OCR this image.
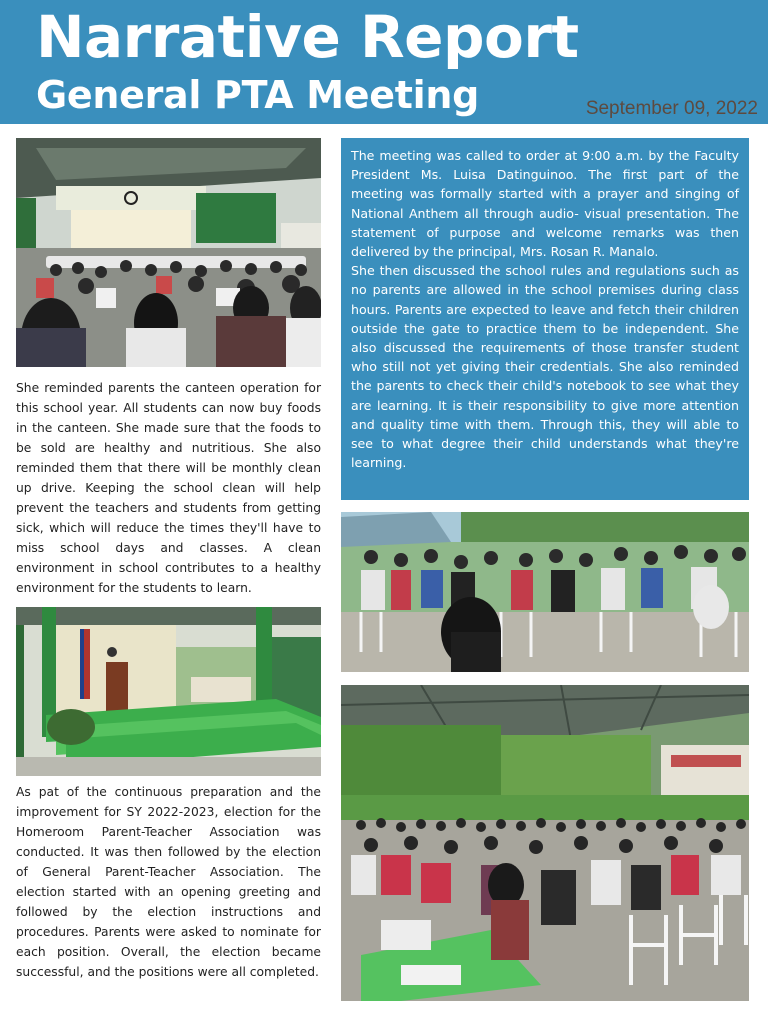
Narrative Report
General PTA Meeting	September 09, 2022

She reminded parents the canteen operation for this school year. All students can now buy foods in the canteen. She made sure that the foods to be sold are healthy and nutritious. She also reminded them that there will be monthly clean up drive. Keeping the school clean will help prevent the teachers and students from getting sick, which will reduce the times they'll have to miss school days and classes. A clean environment in school contributes to a healthy environment for the students to learn.

As pat of the continuous preparation and the improvement for SY 2022-2023, election for the Homeroom Parent-Teacher Association was conducted. It was then followed by the election of General Parent-Teacher Association. The election started with an opening greeting and followed by the election instructions and procedures. Parents were asked to nominate for each position. Overall, the election became successful, and the positions were all completed.

The meeting was called to order at 9:00 a.m. by the Faculty President Ms. Luisa Datinguinoo. The first part of the meeting was formally started with a prayer and singing of National Anthem all through audio- visual presentation. The statement of purpose and welcome remarks was then delivered by the principal, Mrs. Rosan R. Manalo.

She then discussed the school rules and regulations such as no parents are allowed in the school premises during class hours. Parents are expected to leave and fetch their children outside the gate to practice them to be independent. She also discussed the requirements of those transfer student who still not yet giving their credentials. She also reminded the parents to check their child's notebook to see what they are learning. It is their responsibility to give more attention and quality time with them. Through this, they will able to see to what degree their child understands what they're learning.
